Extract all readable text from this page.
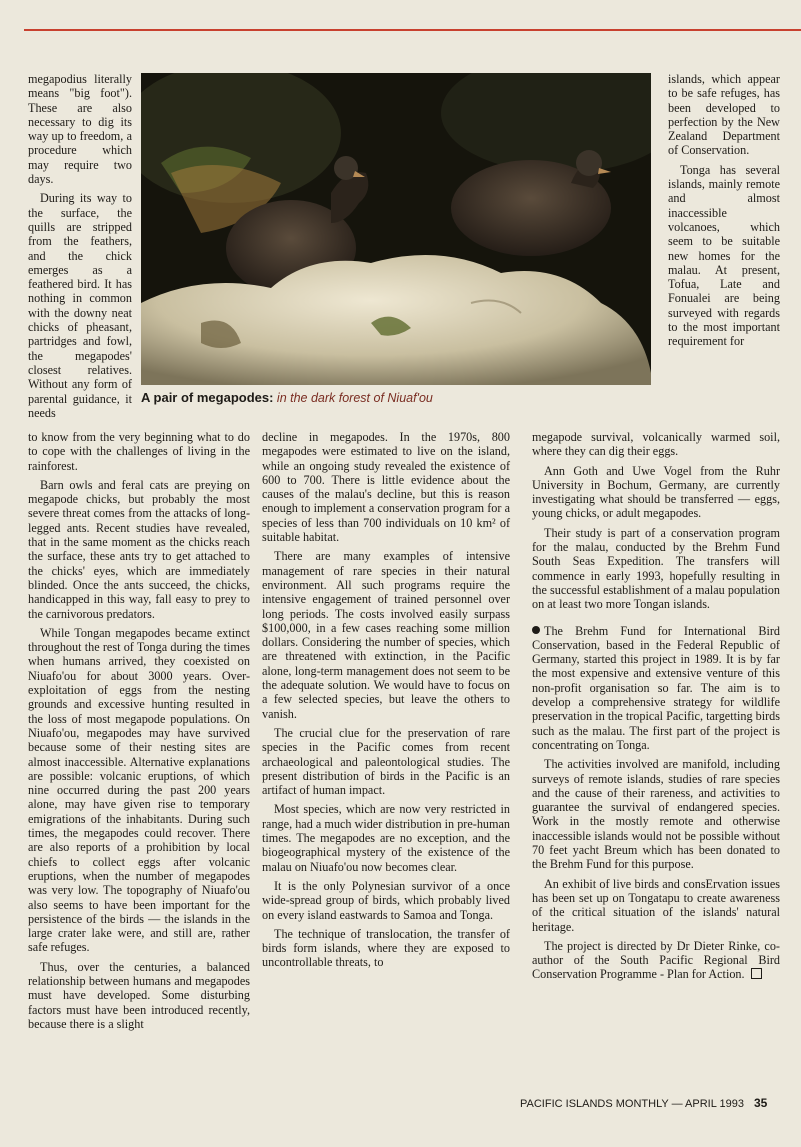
megapodius literally means "big foot"). These are also necessary to dig its way up to freedom, a procedure which may require two days.

During its way to the surface, the quills are stripped from the feathers, and the chick emerges as a feathered bird. It has nothing in common with the downy neat chicks of pheasant, partridges and fowl, the megapodes' closest relatives. Without any form of parental guidance, it needs

A pair of megapodes: in the dark forest of Niuaf'ou

islands, which appear to be safe refuges, has been developed to perfection by the New Zealand Department of Conservation.

Tonga has several islands, mainly remote and almost inaccessible volcanoes, which seem to be suitable new homes for the malau. At present, Tofua, Late and Fonualei are being surveyed with regards to the most important requirement for

to know from the very beginning what to do to cope with the challenges of living in the rainforest.

Barn owls and feral cats are preying on megapode chicks, but probably the most severe threat comes from the attacks of long-legged ants. Recent studies have revealed, that in the same moment as the chicks reach the surface, these ants try to get attached to the chicks' eyes, which are immediately blinded. Once the ants succeed, the chicks, handicapped in this way, fall easy to prey to the carnivorous predators.

While Tongan megapodes became extinct throughout the rest of Tonga during the times when humans arrived, they coexisted on Niuafo'ou for about 3000 years. Over-exploitation of eggs from the nesting grounds and excessive hunting resulted in the loss of most megapode populations. On Niuafo'ou, megapodes may have survived because some of their nesting sites are almost inaccessible. Alternative explanations are possible: volcanic eruptions, of which nine occurred during the past 200 years alone, may have given rise to temporary emigrations of the inhabitants. During such times, the megapodes could recover. There are also reports of a prohibition by local chiefs to collect eggs after volcanic eruptions, when the number of megapodes was very low. The topography of Niuafo'ou also seems to have been important for the persistence of the birds — the islands in the large crater lake were, and still are, rather safe refuges.

Thus, over the centuries, a balanced relationship between humans and megapodes must have developed. Some disturbing factors must have been introduced recently, because there is a slight

decline in megapodes. In the 1970s, 800 megapodes were estimated to live on the island, while an ongoing study revealed the existence of 600 to 700. There is little evidence about the causes of the malau's decline, but this is reason enough to implement a conservation program for a species of less than 700 individuals on 10 km² of suitable habitat.

There are many examples of intensive management of rare species in their natural environment. All such programs require the intensive engagement of trained personnel over long periods. The costs involved easily surpass $100,000, in a few cases reaching some million dollars. Considering the number of species, which are threatened with extinction, in the Pacific alone, long-term management does not seem to be the adequate solution. We would have to focus on a few selected species, but leave the others to vanish.

The crucial clue for the preservation of rare species in the Pacific comes from recent archaeological and paleontological studies. The present distribution of birds in the Pacific is an artifact of human impact.

Most species, which are now very restricted in range, had a much wider distribution in pre-human times. The megapodes are no exception, and the biogeographical mystery of the existence of the malau on Niuafo'ou now becomes clear.

It is the only Polynesian survivor of a once wide-spread group of birds, which probably lived on every island eastwards to Samoa and Tonga.

The technique of translocation, the transfer of birds form islands, where they are exposed to uncontrollable threats, to

megapode survival, volcanically warmed soil, where they can dig their eggs.

Ann Goth and Uwe Vogel from the Ruhr University in Bochum, Germany, are currently investigating what should be transferred — eggs, young chicks, or adult megapodes.

Their study is part of a conservation program for the malau, conducted by the Brehm Fund South Seas Expedition. The transfers will commence in early 1993, hopefully resulting in the successful establishment of a malau population on at least two more Tongan islands.

The Brehm Fund for International Bird Conservation, based in the Federal Republic of Germany, started this project in 1989. It is by far the most expensive and extensive venture of this non-profit organisation so far. The aim is to develop a comprehensive strategy for wildlife preservation in the tropical Pacific, targetting birds such as the malau. The first part of the project is concentrating on Tonga.

The activities involved are manifold, including surveys of remote islands, studies of rare species and the cause of their rareness, and activities to guarantee the survival of endangered species. Work in the mostly remote and otherwise inaccessible islands would not be possible without 70 feet yacht Breum which has been donated to the Brehm Fund for this purpose.

An exhibit of live birds and consErvation issues has been set up on Tongatapu to create awareness of the critical situation of the islands' natural heritage.

The project is directed by Dr Dieter Rinke, co-author of the South Pacific Regional Bird Conservation Programme - Plan for Action.

PACIFIC ISLANDS MONTHLY — APRIL 1993 35
